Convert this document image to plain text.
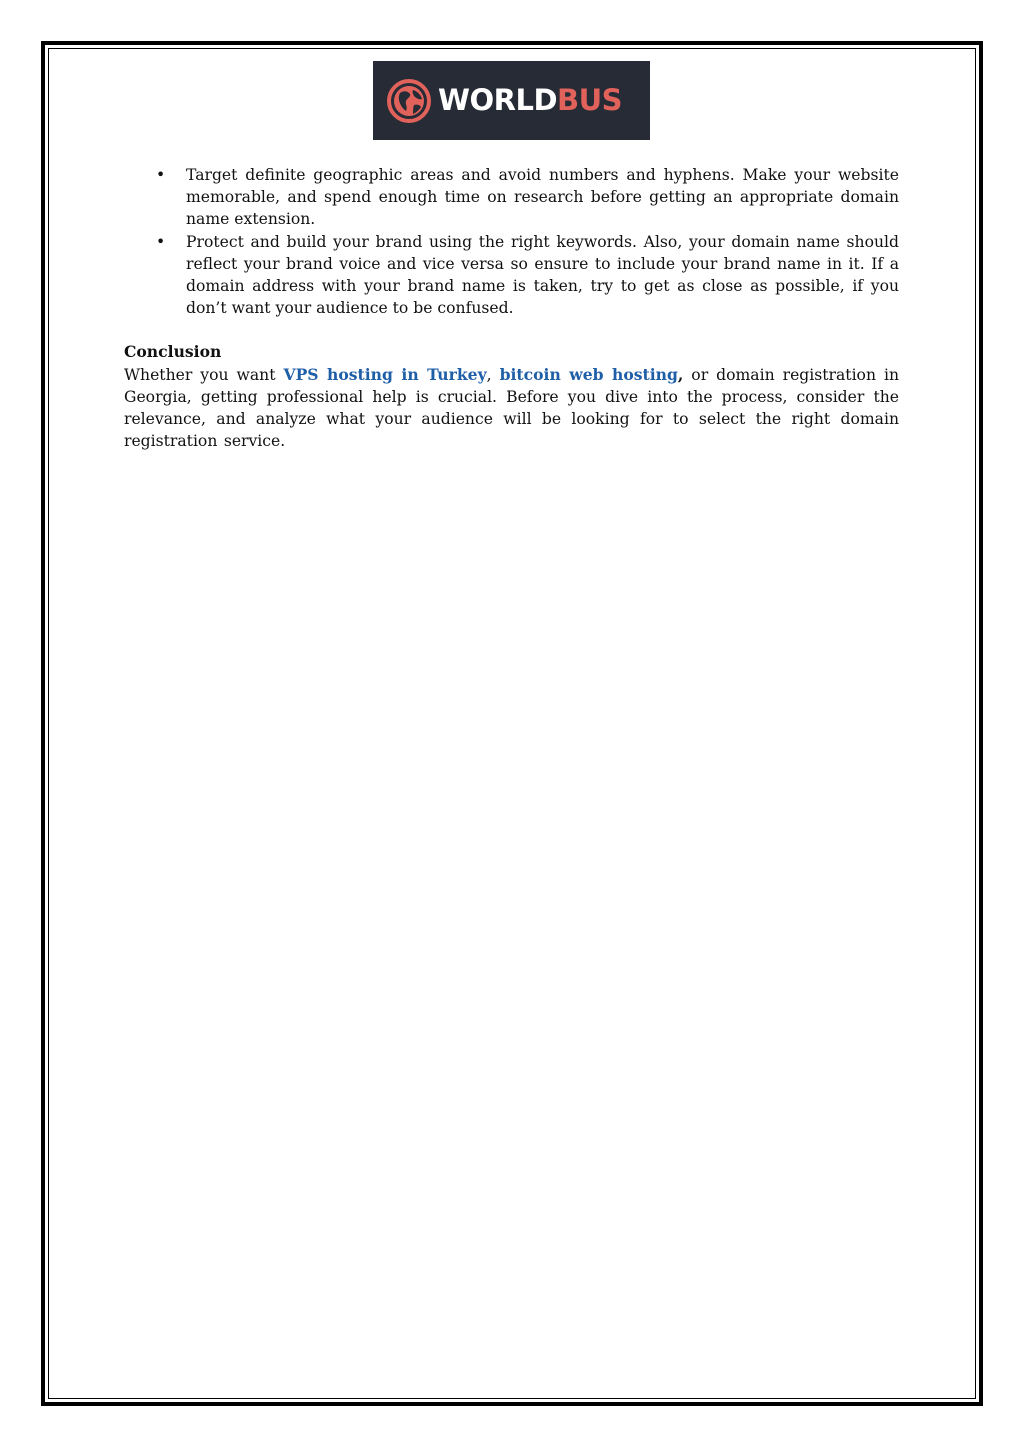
WORLDBUS
• Target definite geographic areas and avoid numbers and hyphens. Make your website memorable, and spend enough time on research before getting an appropriate domain name extension.
• Protect and build your brand using the right keywords. Also, your domain name should reflect your brand voice and vice versa so ensure to include your brand name in it. If a domain address with your brand name is taken, try to get as close as possible, if you don’t want your audience to be confused.

Conclusion

Whether you want VPS hosting in Turkey, bitcoin web hosting, or domain registration in Georgia, getting professional help is crucial. Before you dive into the process, consider the relevance, and analyze what your audience will be looking for to select the right domain registration service.
